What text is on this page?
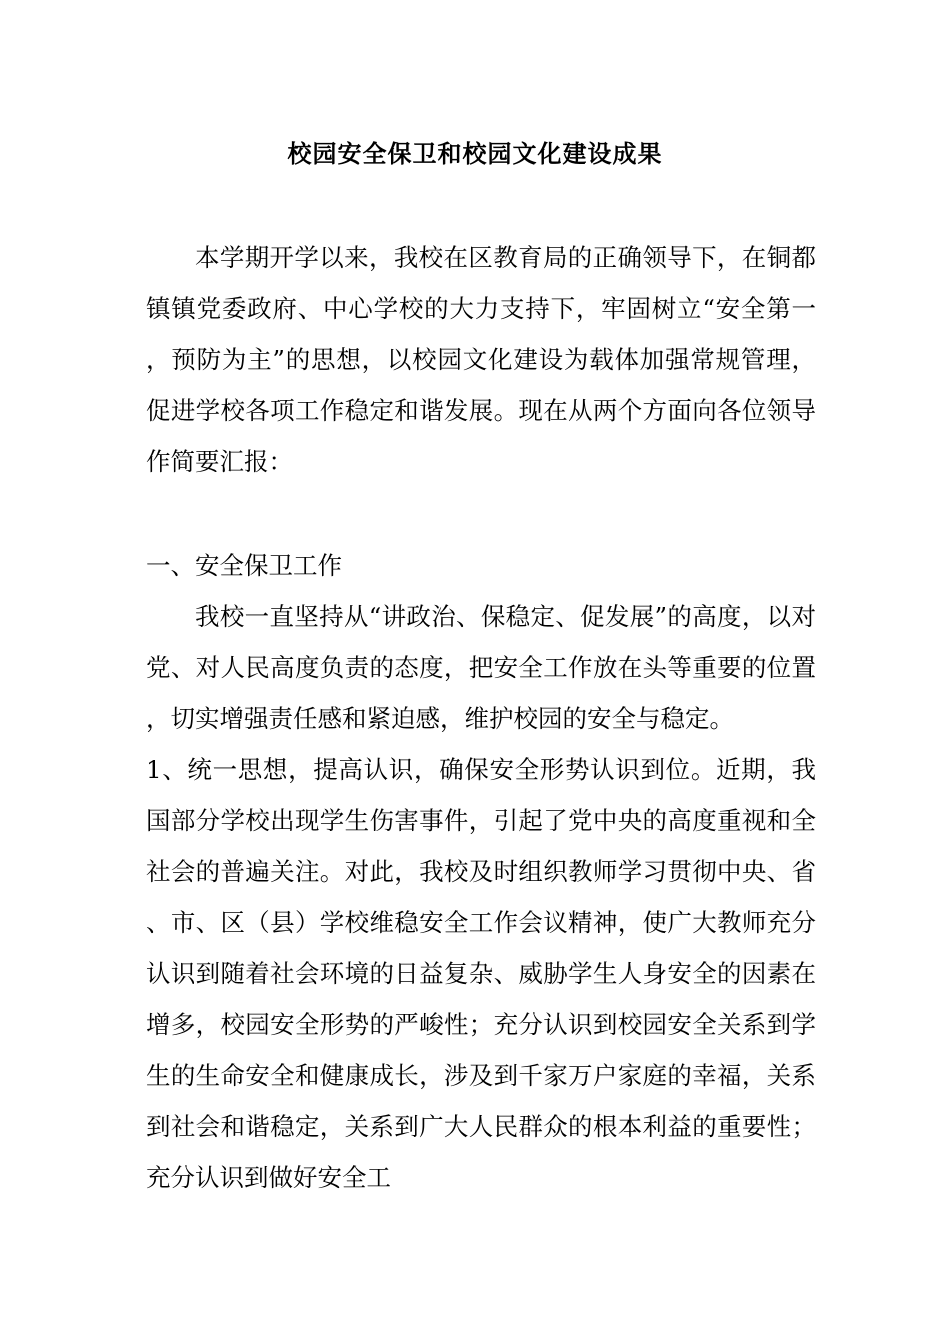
校园安全保卫和校园文化建设成果

本学期开学以来，我校在区教育局的正确领导下，在铜都镇镇党委政府、中心学校的大力支持下，牢固树立“安全第一，预防为主”的思想，以校园文化建设为载体加强常规管理，促进学校各项工作稳定和谐发展。现在从两个方面向各位领导作简要汇报：

一、安全保卫工作

我校一直坚持从“讲政治、保稳定、促发展”的高度，以对党、对人民高度负责的态度，把安全工作放在头等重要的位置，切实增强责任感和紧迫感，维护校园的安全与稳定。

1、统一思想，提高认识，确保安全形势认识到位。近期，我国部分学校出现学生伤害事件，引起了党中央的高度重视和全社会的普遍关注。对此，我校及时组织教师学习贯彻中央、省、市、区（县）学校维稳安全工作会议精神，使广大教师充分认识到随着社会环境的日益复杂、威胁学生人身安全的因素在增多，校园安全形势的严峻性；充分认识到校园安全关系到学生的生命安全和健康成长，涉及到千家万户家庭的幸福，关系到社会和谐稳定，关系到广大人民群众的根本利益的重要性；充分认识到做好安全工
